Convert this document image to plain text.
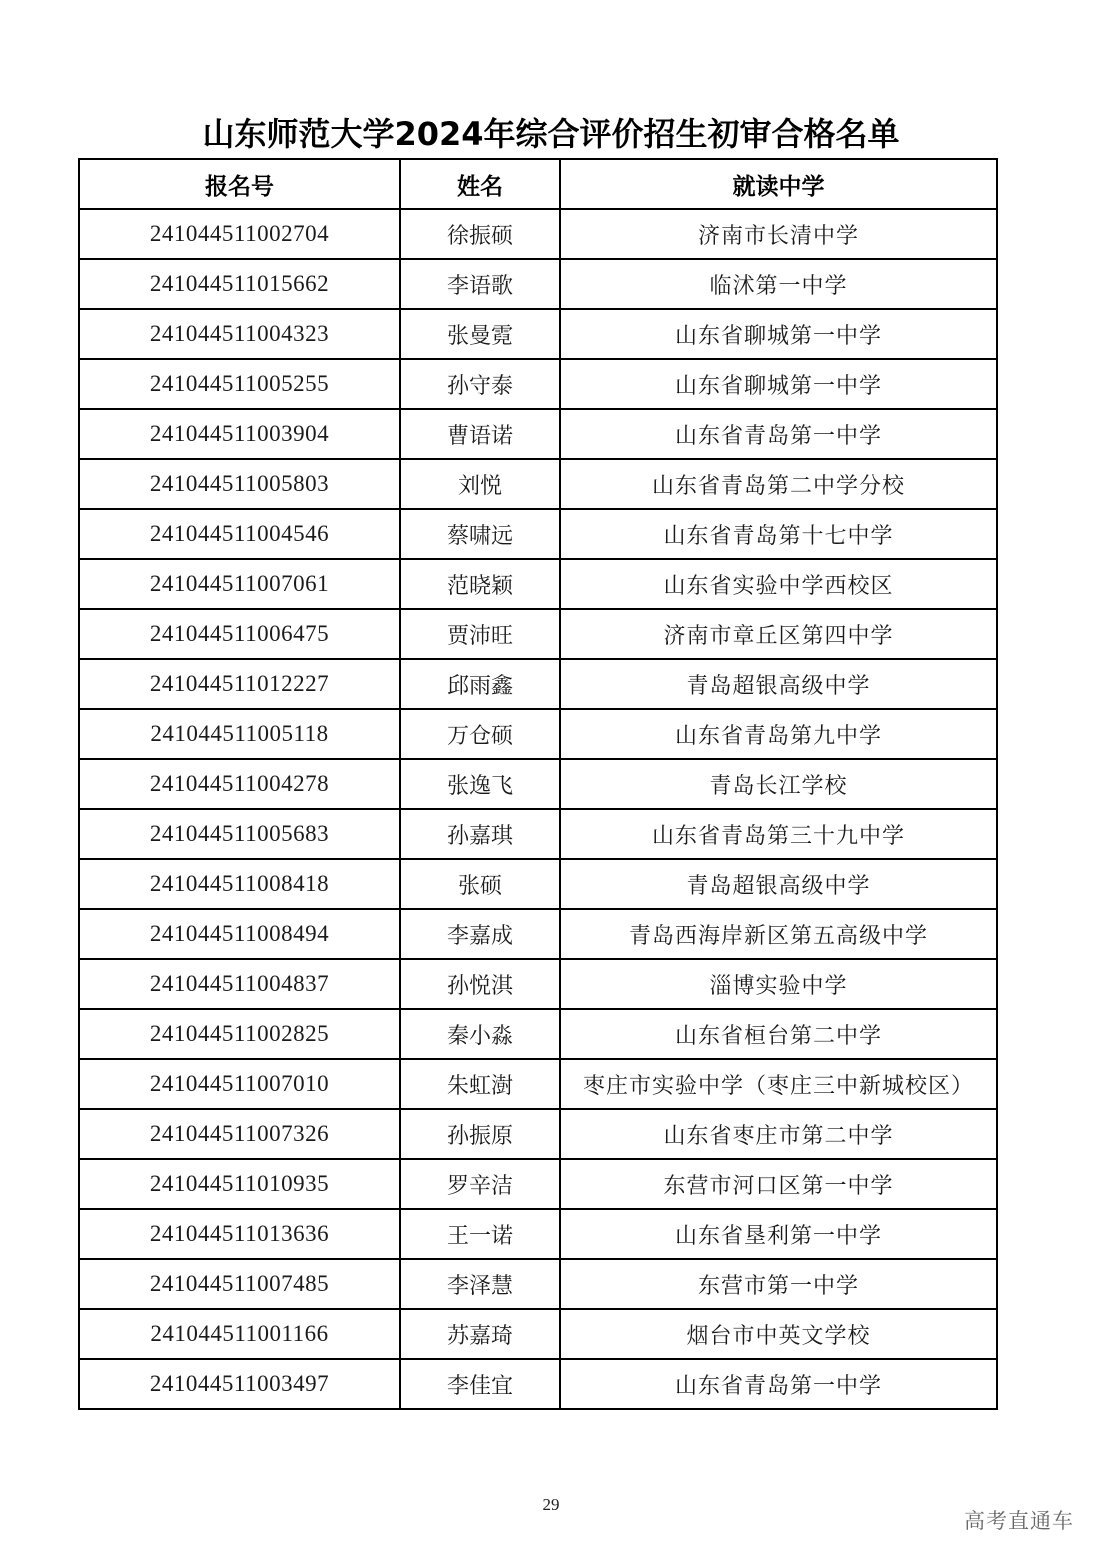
山东师范大学2024年综合评价招生初审合格名单
报名号	姓名	就读中学
241044511002704	徐振硕	济南市长清中学
241044511015662	李语歌	临沭第一中学
241044511004323	张曼霓	山东省聊城第一中学
241044511005255	孙守泰	山东省聊城第一中学
241044511003904	曹语诺	山东省青岛第一中学
241044511005803	刘悦	山东省青岛第二中学分校
241044511004546	蔡啸远	山东省青岛第十七中学
241044511007061	范晓颖	山东省实验中学西校区
241044511006475	贾沛旺	济南市章丘区第四中学
241044511012227	邱雨鑫	青岛超银高级中学
241044511005118	万仓硕	山东省青岛第九中学
241044511004278	张逸飞	青岛长江学校
241044511005683	孙嘉琪	山东省青岛第三十九中学
241044511008418	张硕	青岛超银高级中学
241044511008494	李嘉成	青岛西海岸新区第五高级中学
241044511004837	孙悦淇	淄博实验中学
241044511002825	秦小淼	山东省桓台第二中学
241044511007010	朱虹澍	枣庄市实验中学（枣庄三中新城校区）
241044511007326	孙振原	山东省枣庄市第二中学
241044511010935	罗辛洁	东营市河口区第一中学
241044511013636	王一诺	山东省垦利第一中学
241044511007485	李泽慧	东营市第一中学
241044511001166	苏嘉琦	烟台市中英文学校
241044511003497	李佳宜	山东省青岛第一中学
29
高考直通车
